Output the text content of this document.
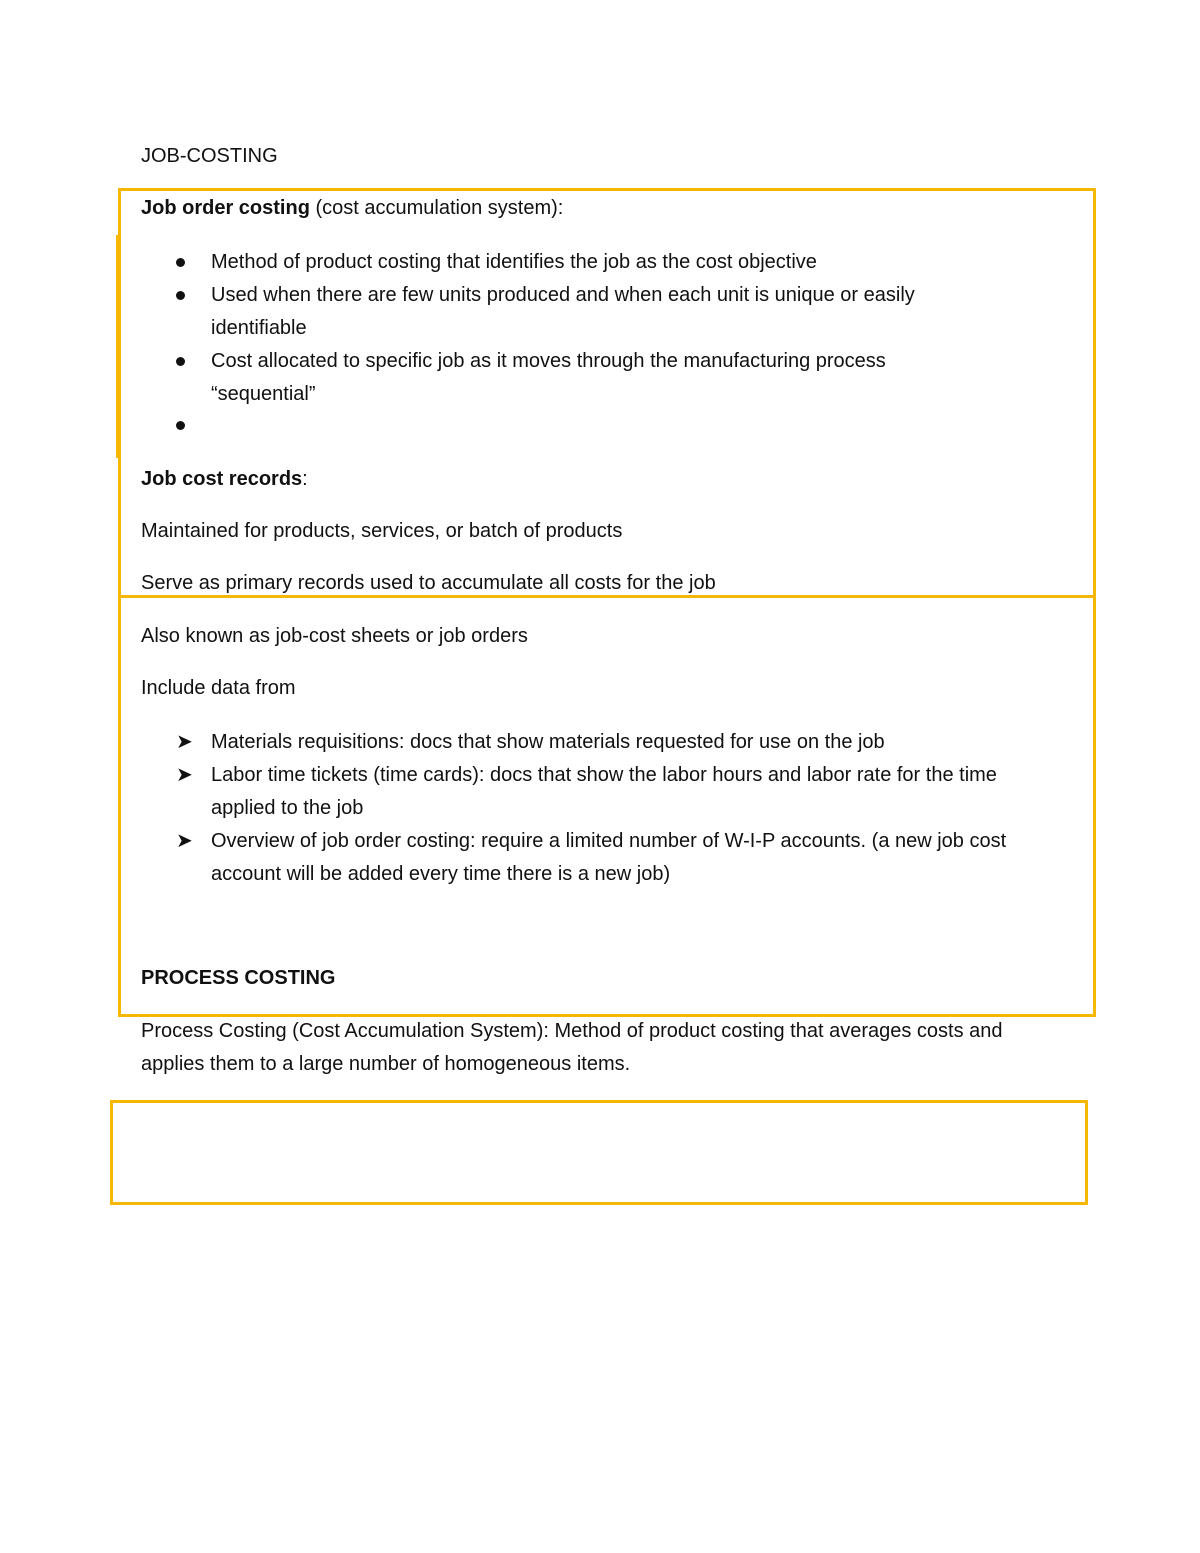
JOB-COSTING
Job order costing (cost accumulation system):
Method of product costing that identifies the job as the cost objective
Used when there are few units produced and when each unit is unique or easily identifiable
Cost allocated to specific job as it moves through the manufacturing process “sequential”
Job cost records:
Maintained for products, services, or batch of products
Serve as primary records used to accumulate all costs for the job
Also known as job-cost sheets or job orders
Include data from
➤ Materials requisitions: docs that show materials requested for use on the job
➤ Labor time tickets (time cards): docs that show the labor hours and labor rate for the time applied to the job
➤ Overview of job order costing: require a limited number of W-I-P accounts. (a new job cost account will be added every time there is a new job)
PROCESS COSTING
Process Costing (Cost Accumulation System): Method of product costing that averages costs and applies them to a large number of homogeneous items.
